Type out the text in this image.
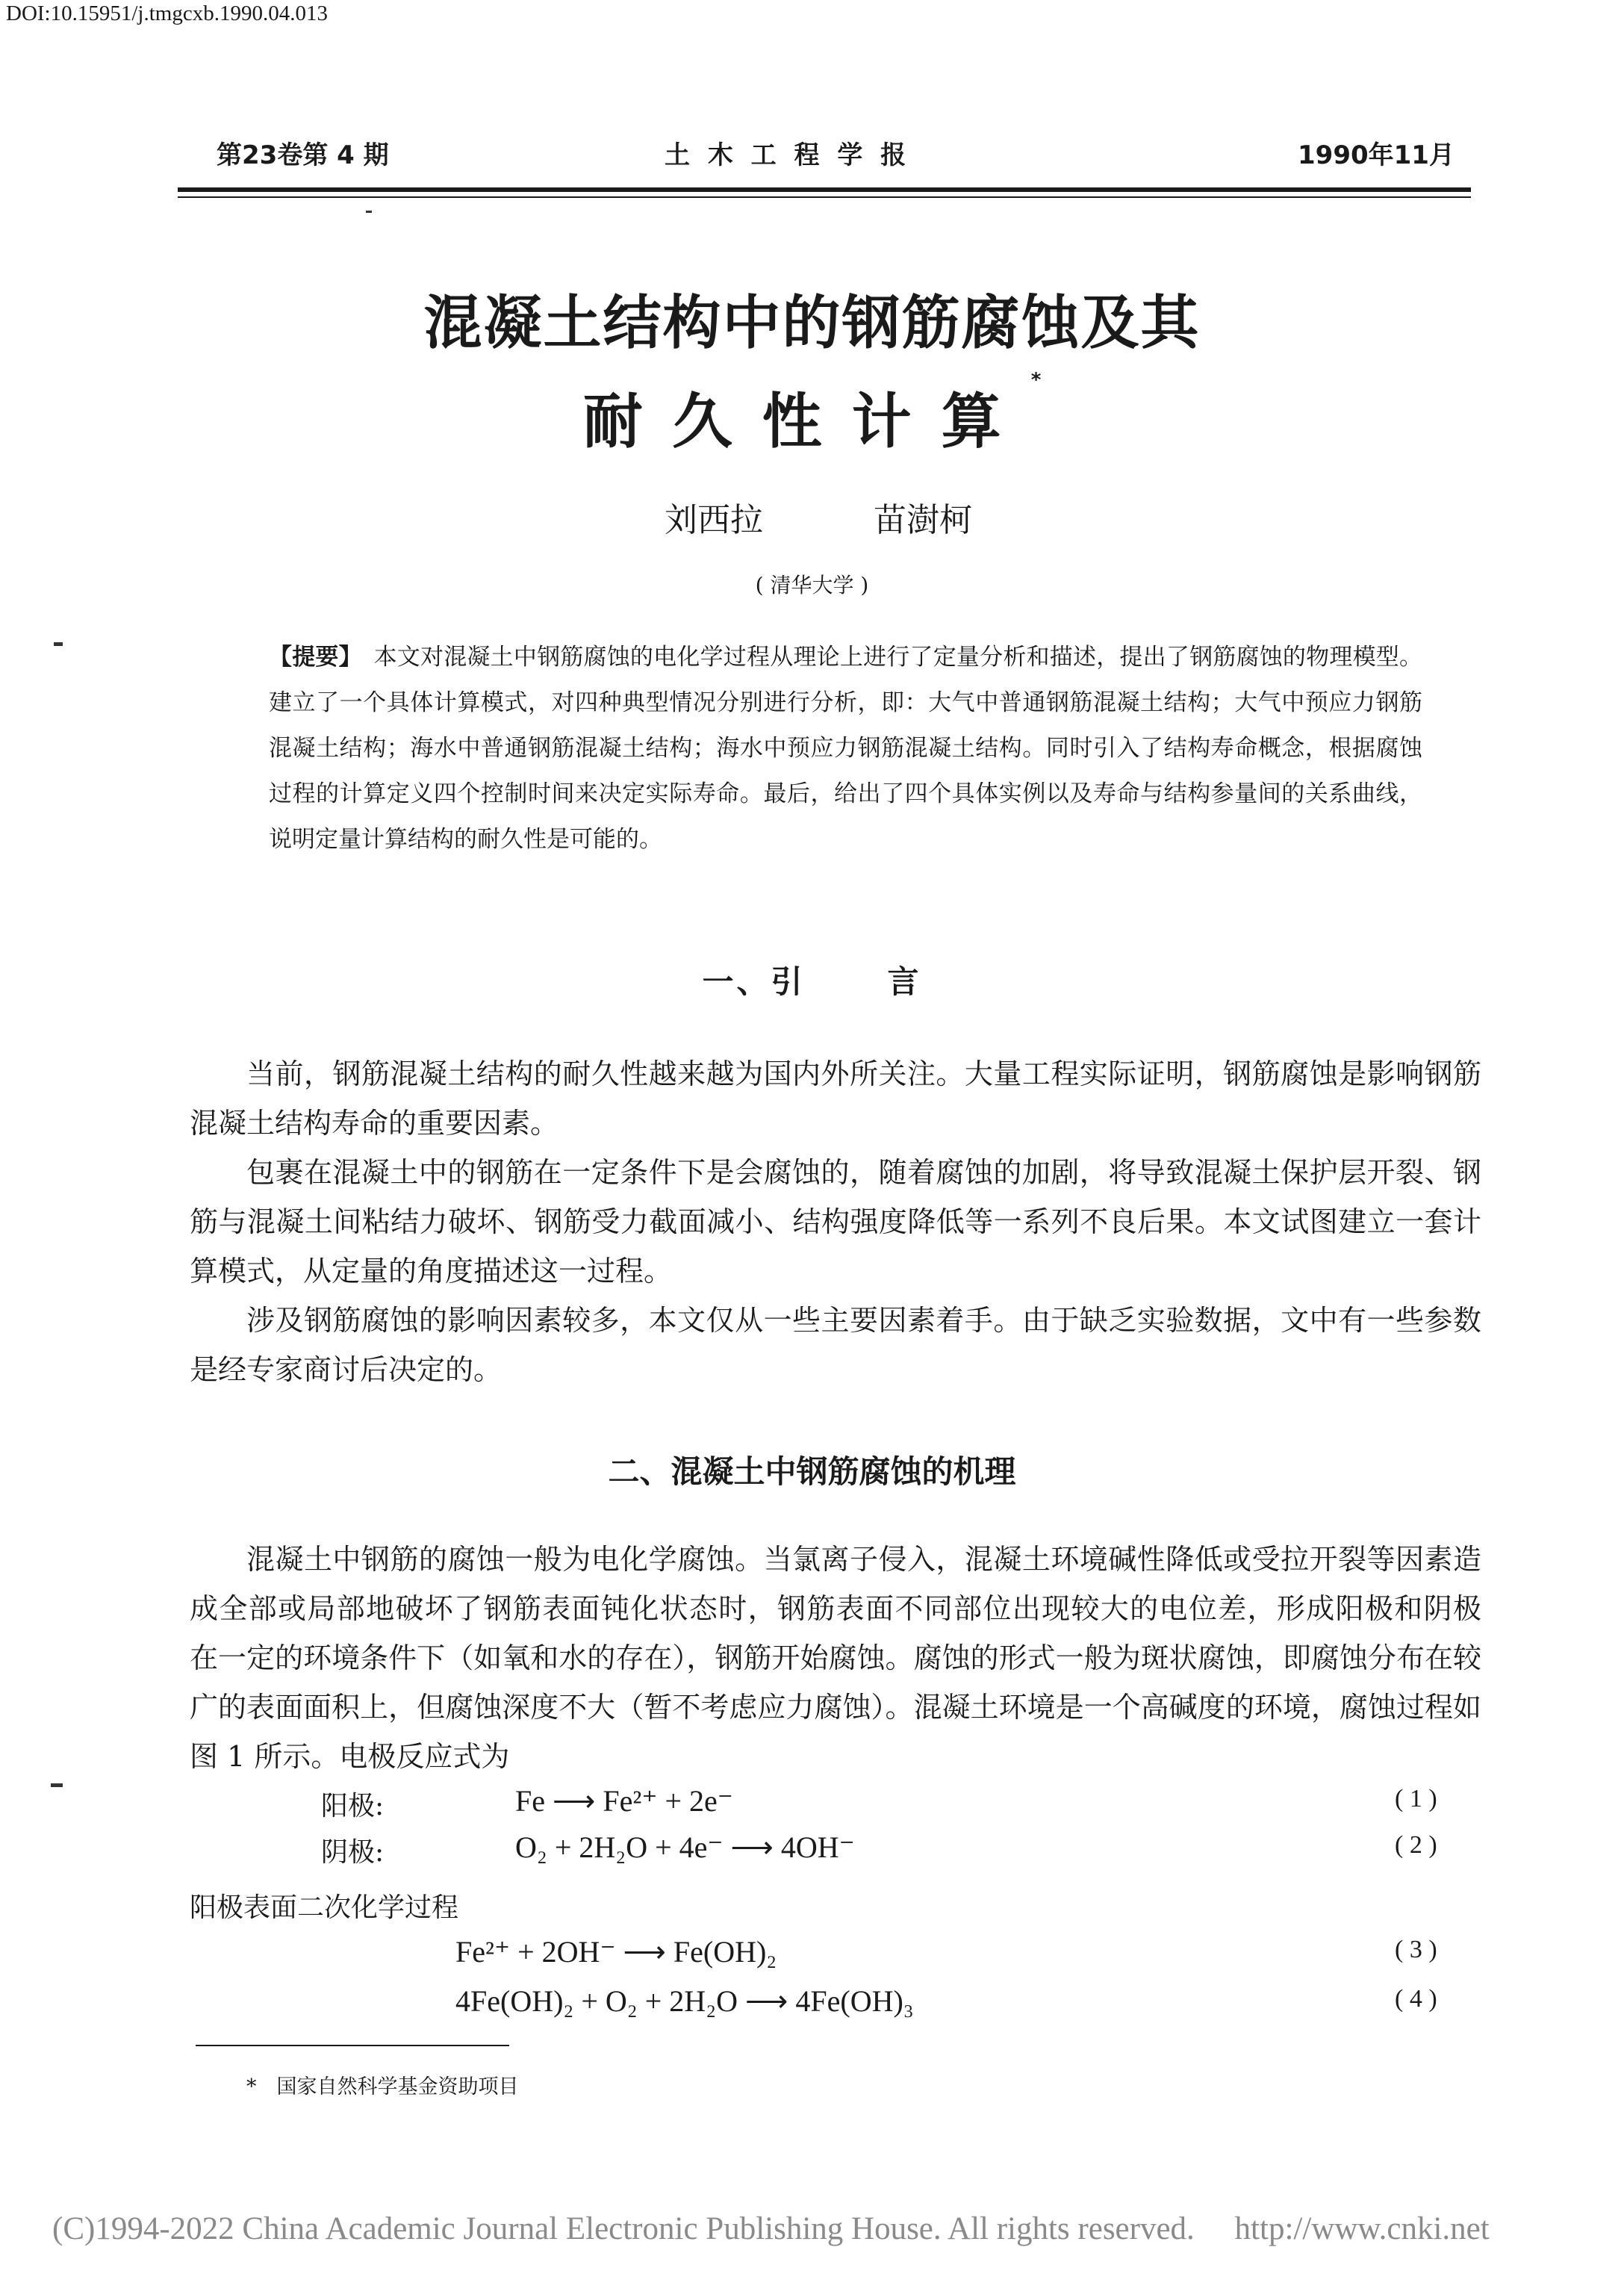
DOI:10.15951/j.tmgcxb.1990.04.013
第23卷第 4 期	土 木 工 程 学 报	1990年11月
混凝土结构中的钢筋腐蚀及其
耐久性计算*
刘西拉	苗澍柯
( 清华大学 )

【提要】　 本文对混凝土中钢筋腐蚀的电化学过程从理论上进行了定量分析和描述，提出了钢筋腐蚀的物理模型。建立了一个具体计算模式，对四种典型情况分别进行分析，即：大气中普通钢筋混凝土结构；大气中预应力钢筋混凝土结构；海水中普通钢筋混凝土结构；海水中预应力钢筋混凝土结构。同时引入了结构寿命概念，根据腐蚀过程的计算定义四个控制时间来决定实际寿命。最后，给出了四个具体实例以及寿命与结构参量间的关系曲线，说明定量计算结构的耐久性是可能的。

一、引	言

当前，钢筋混凝土结构的耐久性越来越为国内外所关注。大量工程实际证明，钢筋腐蚀是影响钢筋混凝土结构寿命的重要因素。

包裹在混凝土中的钢筋在一定条件下是会腐蚀的，随着腐蚀的加剧，将导致混凝土保护层开裂、钢筋与混凝土间粘结力破坏、钢筋受力截面减小、结构强度降低等一系列不良后果。本文试图建立一套计算模式，从定量的角度描述这一过程。

涉及钢筋腐蚀的影响因素较多，本文仅从一些主要因素着手。由于缺乏实验数据，文中有一些参数是经专家商讨后决定的。

二、混凝土中钢筋腐蚀的机理

混凝土中钢筋的腐蚀一般为电化学腐蚀。当氯离子侵入，混凝土环境碱性降低或受拉开裂等因素造成全部或局部地破坏了钢筋表面钝化状态时，钢筋表面不同部位出现较大的电位差，形成阳极和阴极　在一定的环境条件下（如氧和水的存在），钢筋开始腐蚀。腐蚀的形式一般为斑状腐蚀，即腐蚀分布在较广的表面面积上，但腐蚀深度不大（暂不考虑应力腐蚀）。混凝土环境是一个高碱度的环境，腐蚀过程如图 1 所示。电极反应式为

阳极:	Fe ⟶ Fe²⁺ + 2e⁻	( 1 )
阴极:	O₂ + 2H₂O + 4e⁻ ⟶ 4OH⁻	( 2 )
阳极表面二次化学过程
Fe²⁺ + 2OH⁻ ⟶ Fe(OH)₂	( 3 )
4Fe(OH)₂ + O₂ + 2H₂O ⟶ 4Fe(OH)₃	( 4 )
*　国家自然科学基金资助项目
(C)1994-2022 China Academic Journal Electronic Publishing House. All rights reserved.　 http://www.cnki.net
